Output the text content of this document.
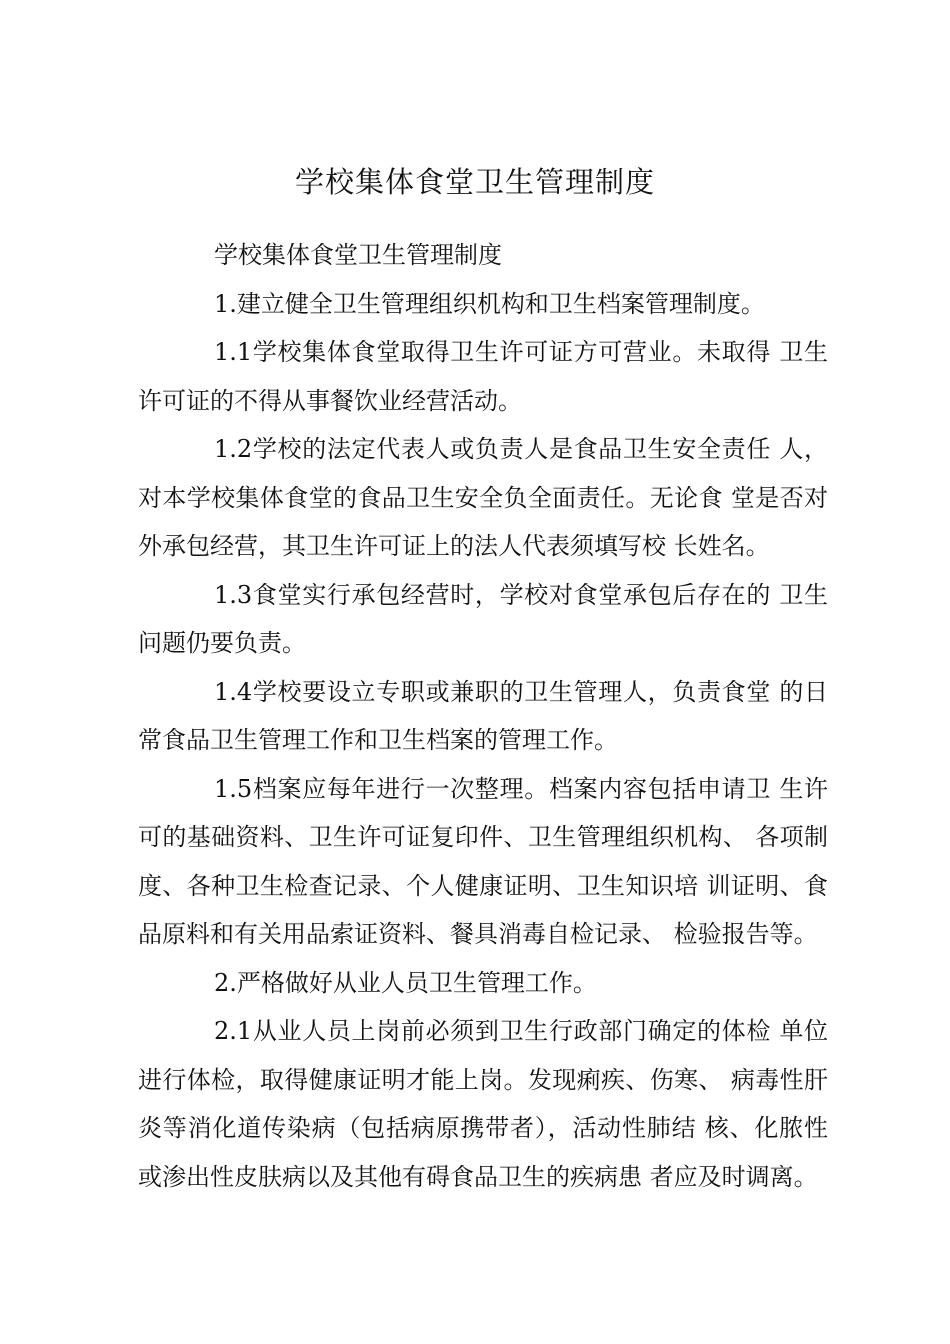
学校集体食堂卫生管理制度

学校集体食堂卫生管理制度

1.建立健全卫生管理组织机构和卫生档案管理制度。

1.1学校集体食堂取得卫生许可证方可营业。未取得 卫生许可证的不得从事餐饮业经营活动。

1.2学校的法定代表人或负责人是食品卫生安全责任 人，对本学校集体食堂的食品卫生安全负全面责任。无论食 堂是否对外承包经营，其卫生许可证上的法人代表须填写校 长姓名。

1.3食堂实行承包经营时，学校对食堂承包后存在的 卫生问题仍要负责。

1.4学校要设立专职或兼职的卫生管理人，负责食堂 的日常食品卫生管理工作和卫生档案的管理工作。

1.5档案应每年进行一次整理。档案内容包括申请卫 生许可的基础资料、卫生许可证复印件、卫生管理组织机构、 各项制度、各种卫生检查记录、个人健康证明、卫生知识培 训证明、食品原料和有关用品索证资料、餐具消毒自检记录、 检验报告等。

2.严格做好从业人员卫生管理工作。

2.1从业人员上岗前必须到卫生行政部门确定的体检 单位进行体检，取得健康证明才能上岗。发现痢疾、伤寒、 病毒性肝炎等消化道传染病（包括病原携带者），活动性肺结 核、化脓性或渗出性皮肤病以及其他有碍食品卫生的疾病患 者应及时调离。
